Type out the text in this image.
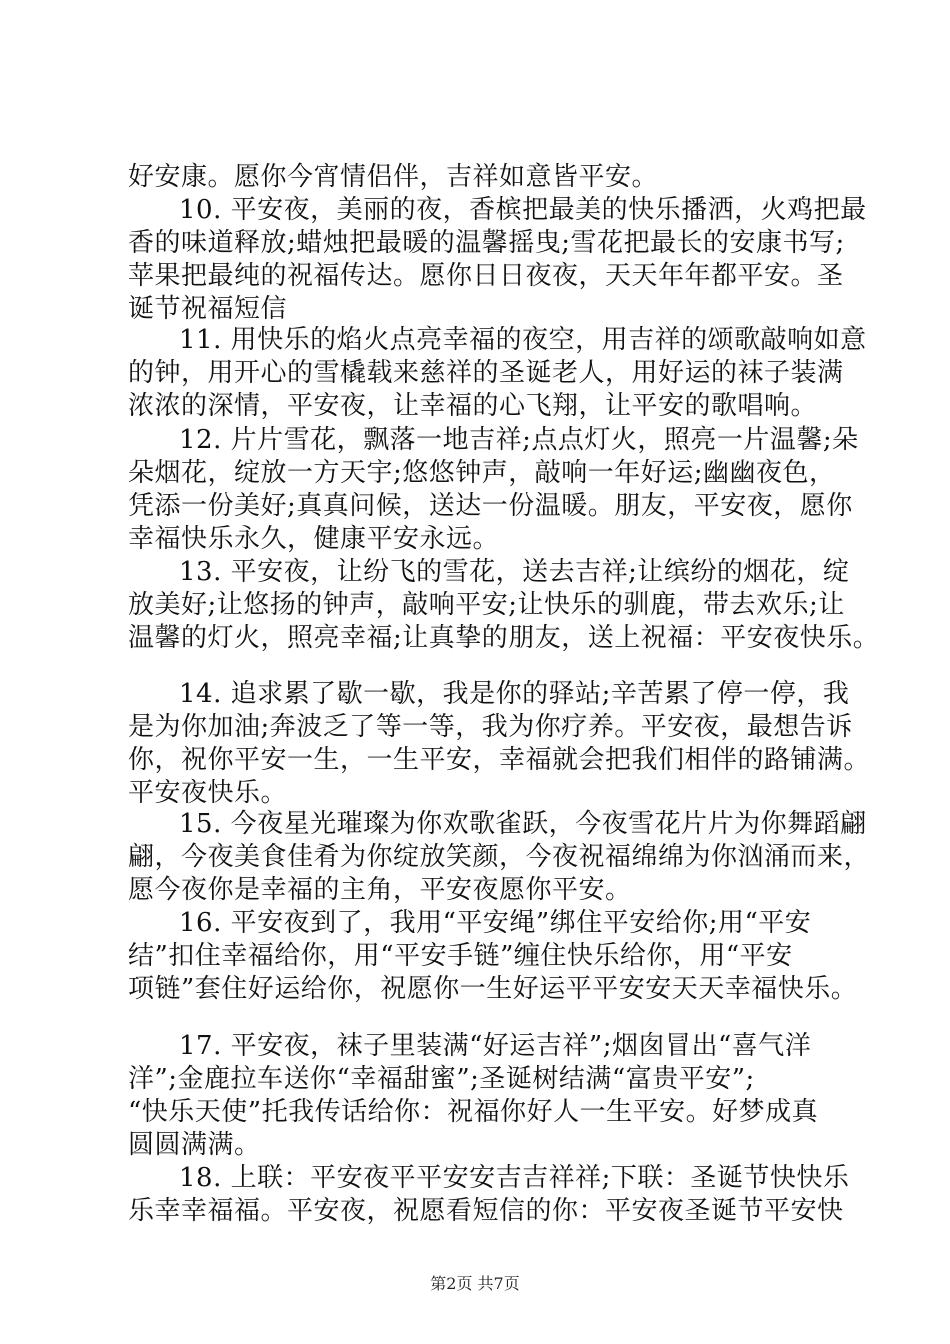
好安康。愿你今宵情侣伴，吉祥如意皆平安。
10. 平安夜，美丽的夜，香槟把最美的快乐播洒，火鸡把最
香的味道释放;蜡烛把最暖的温馨摇曳;雪花把最长的安康书写;
苹果把最纯的祝福传达。愿你日日夜夜，天天年年都平安。圣
诞节祝福短信
11. 用快乐的焰火点亮幸福的夜空，用吉祥的颂歌敲响如意
的钟，用开心的雪橇载来慈祥的圣诞老人，用好运的袜子装满
浓浓的深情，平安夜，让幸福的心飞翔，让平安的歌唱响。
12. 片片雪花，飘落一地吉祥;点点灯火，照亮一片温馨;朵
朵烟花，绽放一方天宇;悠悠钟声，敲响一年好运;幽幽夜色，
凭添一份美好;真真问候，送达一份温暖。朋友，平安夜，愿你
幸福快乐永久，健康平安永远。
13. 平安夜，让纷飞的雪花，送去吉祥;让缤纷的烟花，绽
放美好;让悠扬的钟声，敲响平安;让快乐的驯鹿，带去欢乐;让
温馨的灯火，照亮幸福;让真挚的朋友，送上祝福：平安夜快乐。
14. 追求累了歇一歇，我是你的驿站;辛苦累了停一停，我
是为你加油;奔波乏了等一等，我为你疗养。平安夜，最想告诉
你，祝你平安一生，一生平安，幸福就会把我们相伴的路铺满。
平安夜快乐。
15. 今夜星光璀璨为你欢歌雀跃，今夜雪花片片为你舞蹈翩
翩，今夜美食佳肴为你绽放笑颜，今夜祝福绵绵为你汹涌而来，
愿今夜你是幸福的主角，平安夜愿你平安。
16. 平安夜到了，我用“平安绳”绑住平安给你;用“平安
结”扣住幸福给你，用“平安手链”缠住快乐给你，用“平安
项链”套住好运给你，祝愿你一生好运平平安安天天幸福快乐。
17. 平安夜，袜子里装满“好运吉祥”;烟囱冒出“喜气洋
洋”;金鹿拉车送你“幸福甜蜜”;圣诞树结满“富贵平安”;
“快乐天使”托我传话给你：祝福你好人一生平安。好梦成真
圆圆满满。
18. 上联：平安夜平平安安吉吉祥祥;下联：圣诞节快快乐
乐幸幸福福。平安夜，祝愿看短信的你：平安夜圣诞节平安快
第2页 共7页
